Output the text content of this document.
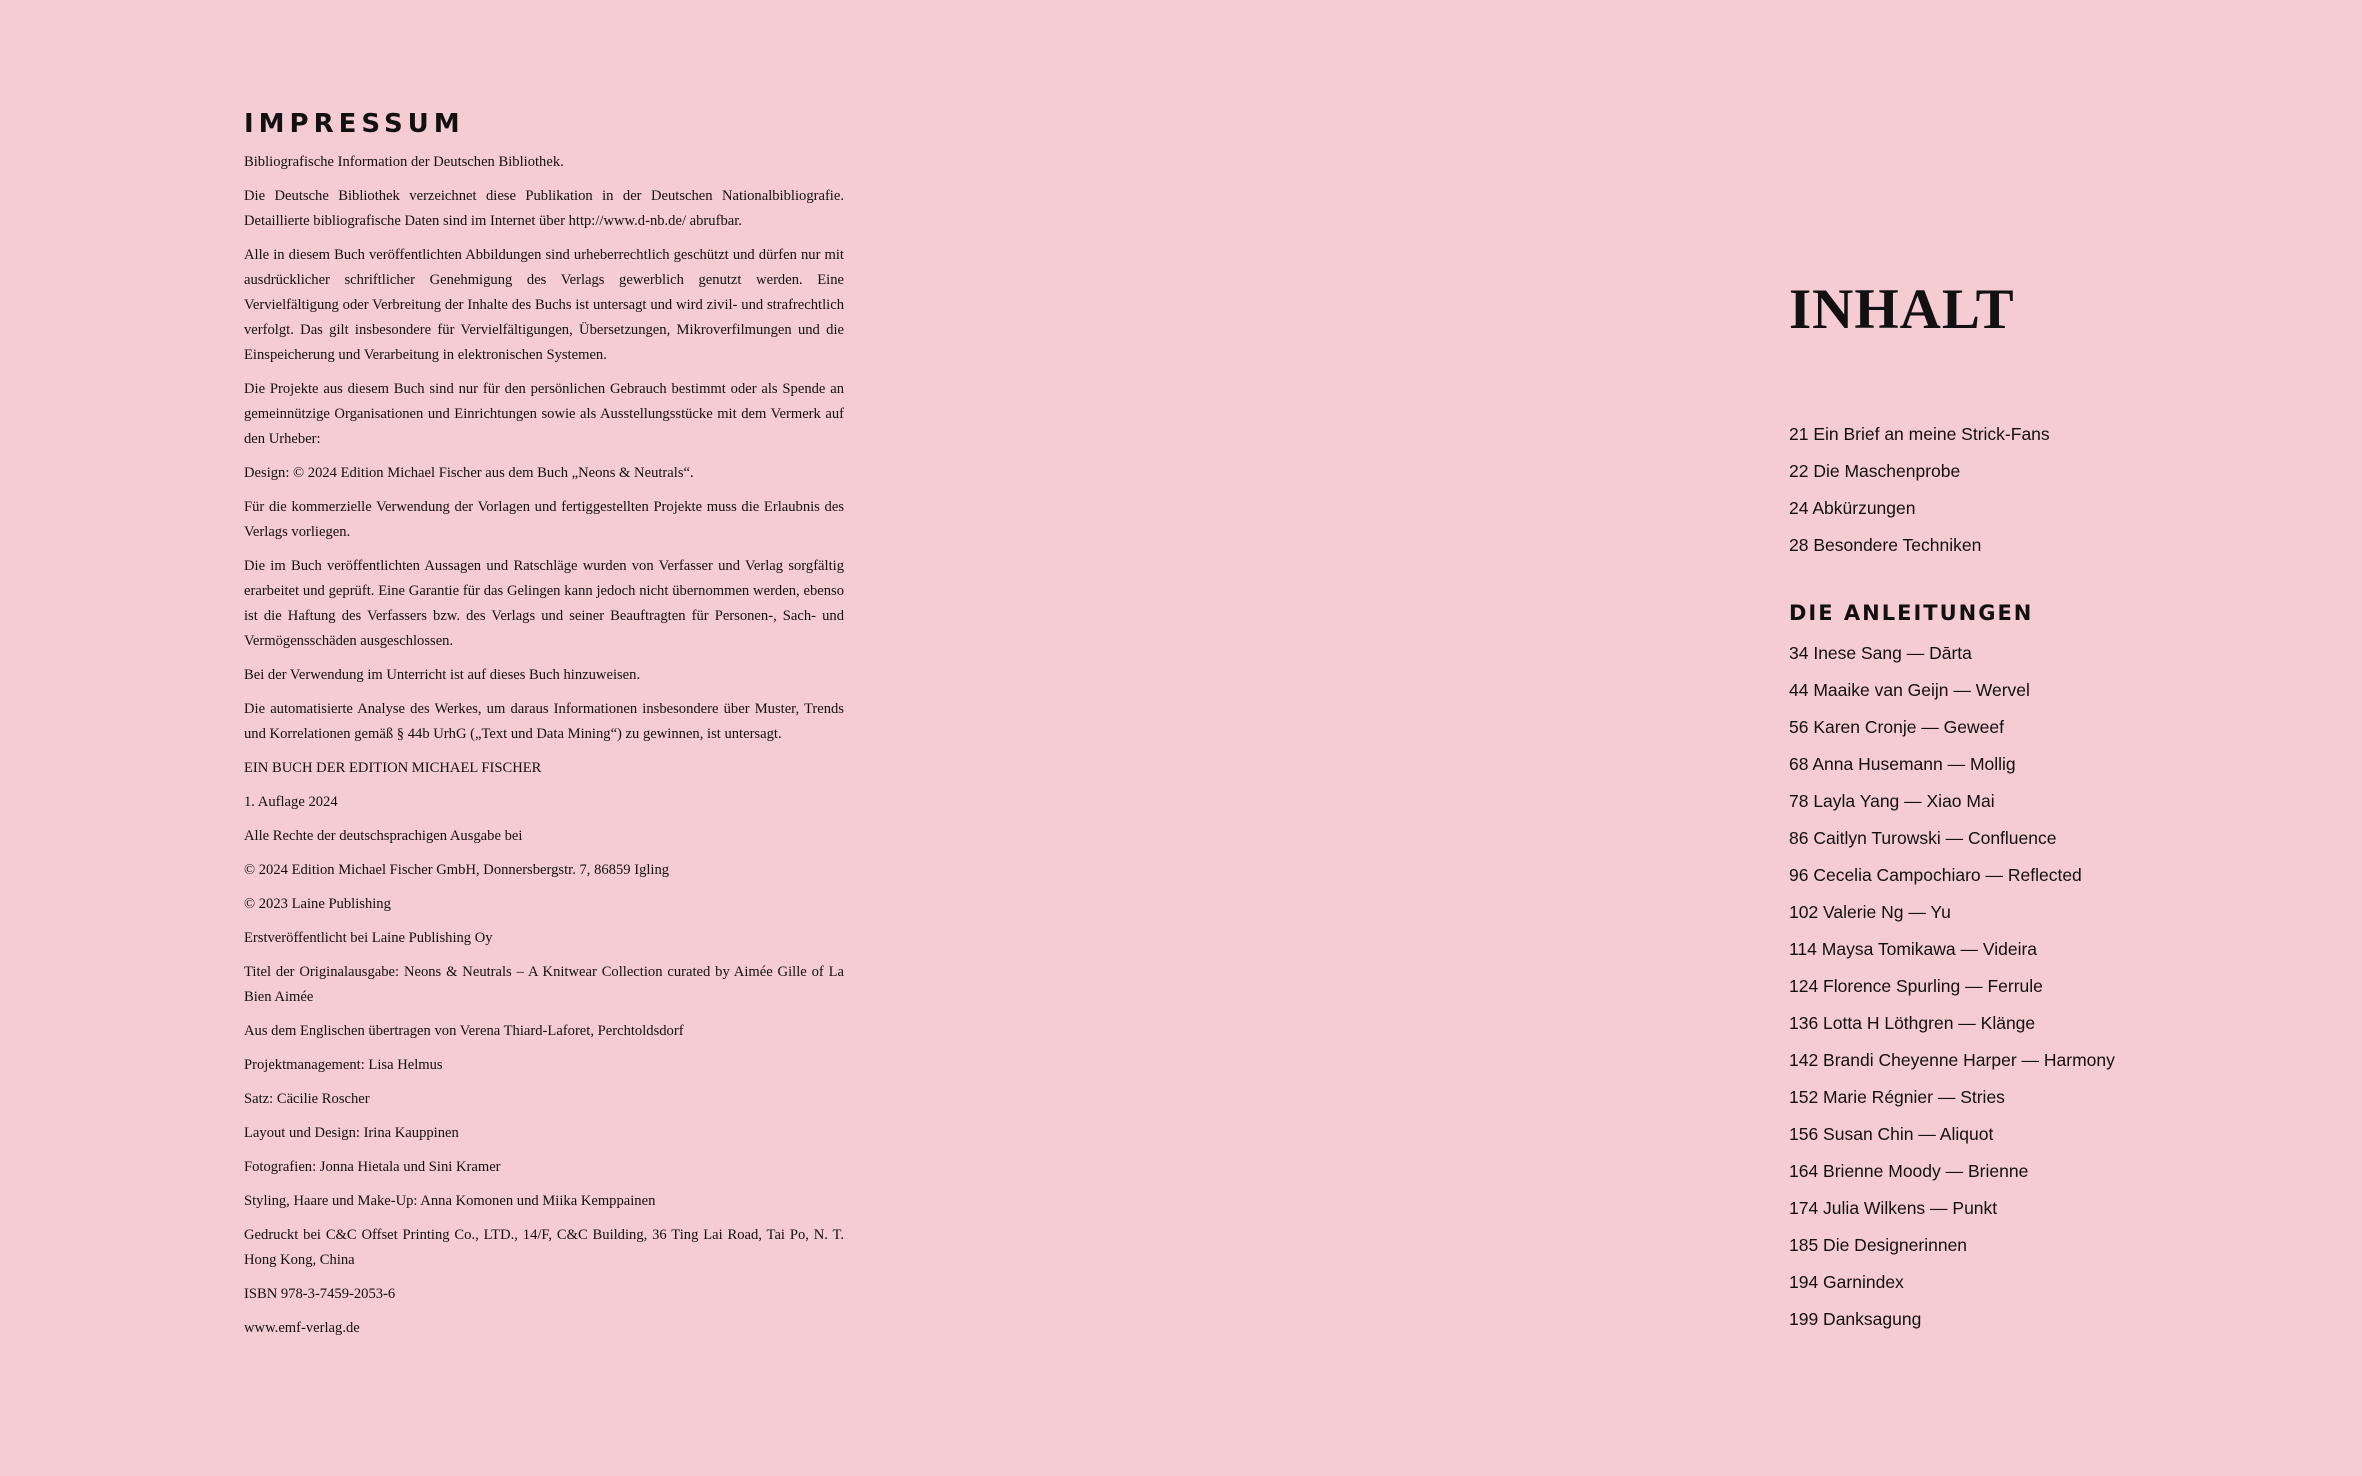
IMPRESSUM

Bibliografische Information der Deutschen Bibliothek.

Die Deutsche Bibliothek verzeichnet diese Publikation in der Deutschen Nationalbibliografie. Detaillierte bibliografische Daten sind im Internet über http://www.d-nb.de/ abrufbar.

Alle in diesem Buch veröffentlichten Abbildungen sind urheberrechtlich geschützt und dürfen nur mit ausdrücklicher schriftlicher Genehmigung des Verlags gewerblich genutzt werden. Eine Vervielfältigung oder Verbreitung der Inhalte des Buchs ist untersagt und wird zivil- und strafrechtlich verfolgt. Das gilt insbesondere für Vervielfältigungen, Übersetzungen, Mikroverfilmungen und die Einspeicherung und Verarbeitung in elektronischen Systemen.

Die Projekte aus diesem Buch sind nur für den persönlichen Gebrauch bestimmt oder als Spende an gemeinnützige Organisationen und Einrichtungen sowie als Ausstellungsstücke mit dem Vermerk auf den Urheber:

Design: © 2024 Edition Michael Fischer aus dem Buch „Neons & Neutrals“.

Für die kommerzielle Verwendung der Vorlagen und fertiggestellten Projekte muss die Erlaubnis des Verlags vorliegen.

Die im Buch veröffentlichten Aussagen und Ratschläge wurden von Verfasser und Verlag sorgfältig erarbeitet und geprüft. Eine Garantie für das Gelingen kann jedoch nicht übernommen werden, ebenso ist die Haftung des Verfassers bzw. des Verlags und seiner Beauftragten für Personen-, Sach- und Vermögensschäden ausgeschlossen.

Bei der Verwendung im Unterricht ist auf dieses Buch hinzuweisen.

Die automatisierte Analyse des Werkes, um daraus Informationen insbesondere über Muster, Trends und Korrelationen gemäß § 44b UrhG („Text und Data Mining“) zu gewinnen, ist untersagt.

EIN BUCH DER EDITION MICHAEL FISCHER

1. Auflage 2024

Alle Rechte der deutschsprachigen Ausgabe bei

© 2024 Edition Michael Fischer GmbH, Donnersbergstr. 7, 86859 Igling

© 2023 Laine Publishing

Erstveröffentlicht bei Laine Publishing Oy

Titel der Originalausgabe: Neons & Neutrals – A Knitwear Collection curated by Aimée Gille of La Bien Aimée

Aus dem Englischen übertragen von Verena Thiard-Laforet, Perchtoldsdorf

Projektmanagement: Lisa Helmus

Satz: Cäcilie Roscher

Layout und Design: Irina Kauppinen

Fotografien: Jonna Hietala und Sini Kramer

Styling, Haare und Make-Up: Anna Komonen und Miika Kemppainen

Gedruckt bei C&C Offset Printing Co., LTD., 14/F, C&C Building, 36 Ting Lai Road, Tai Po, N. T. Hong Kong, China

ISBN 978-3-7459-2053-6

www.emf-verlag.de

INHALT
21 Ein Brief an meine Strick-Fans
22 Die Maschenprobe
24 Abkürzungen
28 Besondere Techniken
DIE ANLEITUNGEN
34 Inese Sang — Dārta
44 Maaike van Geijn — Wervel
56 Karen Cronje — Geweef
68 Anna Husemann — Mollig
78 Layla Yang — Xiao Mai
86 Caitlyn Turowski — Confluence
96 Cecelia Campochiaro — Reflected
102 Valerie Ng — Yu
114 Maysa Tomikawa — Videira
124 Florence Spurling — Ferrule
136 Lotta H Löthgren — Klänge
142 Brandi Cheyenne Harper — Harmony
152 Marie Régnier — Stries
156 Susan Chin — Aliquot
164 Brienne Moody — Brienne
174 Julia Wilkens — Punkt
185 Die Designerinnen
194 Garnindex
199 Danksagung
